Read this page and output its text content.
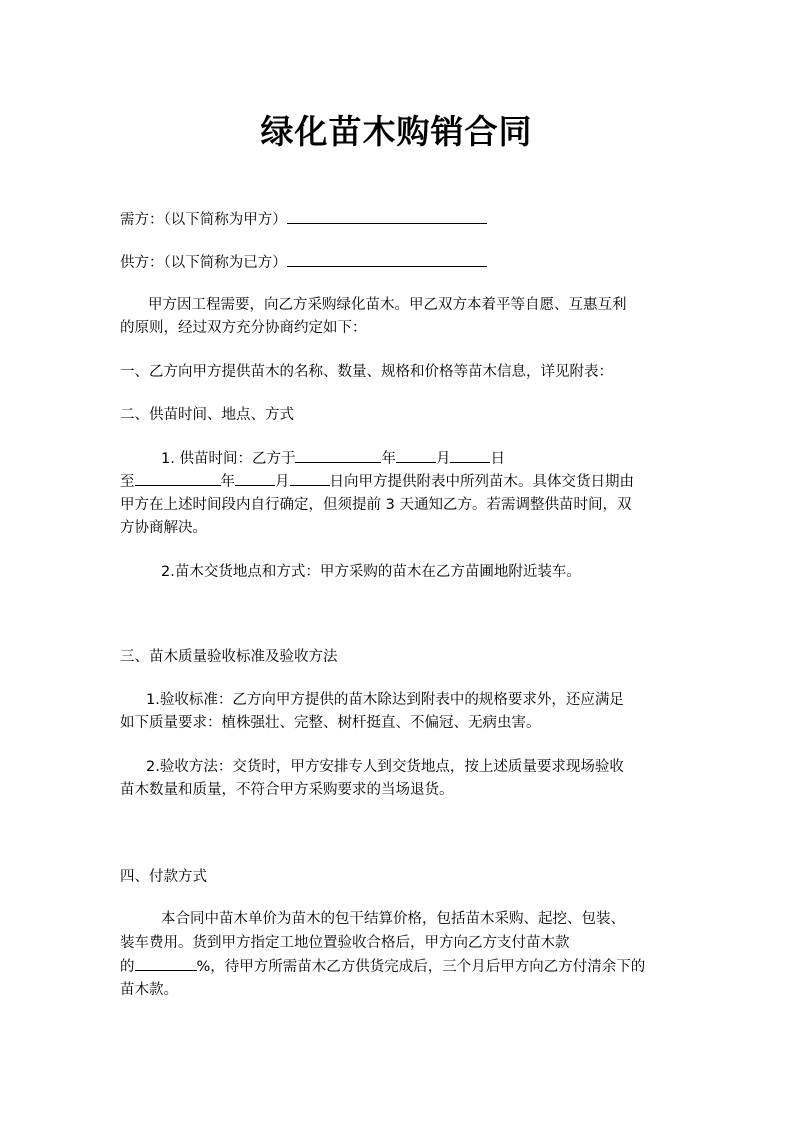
绿化苗木购销合同
需方：（以下简称为甲方）
供方：（以下简称为已方）
甲方因工程需要，向乙方采购绿化苗木。甲乙双方本着平等自愿、互惠互利
的原则，经过双方充分协商约定如下：
一、乙方向甲方提供苗木的名称、数量、规格和价格等苗木信息，详见附表：
二、供苗时间、地点、方式
1. 供苗时间：乙方于	年	月	日
至	年	月	日向甲方提供附表中所列苗木。具体交货日期由
甲方在上述时间段内自行确定，但须提前 3 天通知乙方。若需调整供苗时间，双
方协商解决。
2.苗木交货地点和方式：甲方采购的苗木在乙方苗圃地附近装车。
三、苗木质量验收标准及验收方法
1.验收标准：乙方向甲方提供的苗木除达到附表中的规格要求外，还应满足
如下质量要求：植株强壮、完整、树杆挺直、不偏冠、无病虫害。
2.验收方法：交货时，甲方安排专人到交货地点，按上述质量要求现场验收
苗木数量和质量，不符合甲方采购要求的当场退货。
四、付款方式
本合同中苗木单价为苗木的包干结算价格，包括苗木采购、起挖、包装、
装车费用。货到甲方指定工地位置验收合格后，甲方向乙方支付苗木款
的	%，待甲方所需苗木乙方供货完成后，三个月后甲方向乙方付清余下的
苗木款。
